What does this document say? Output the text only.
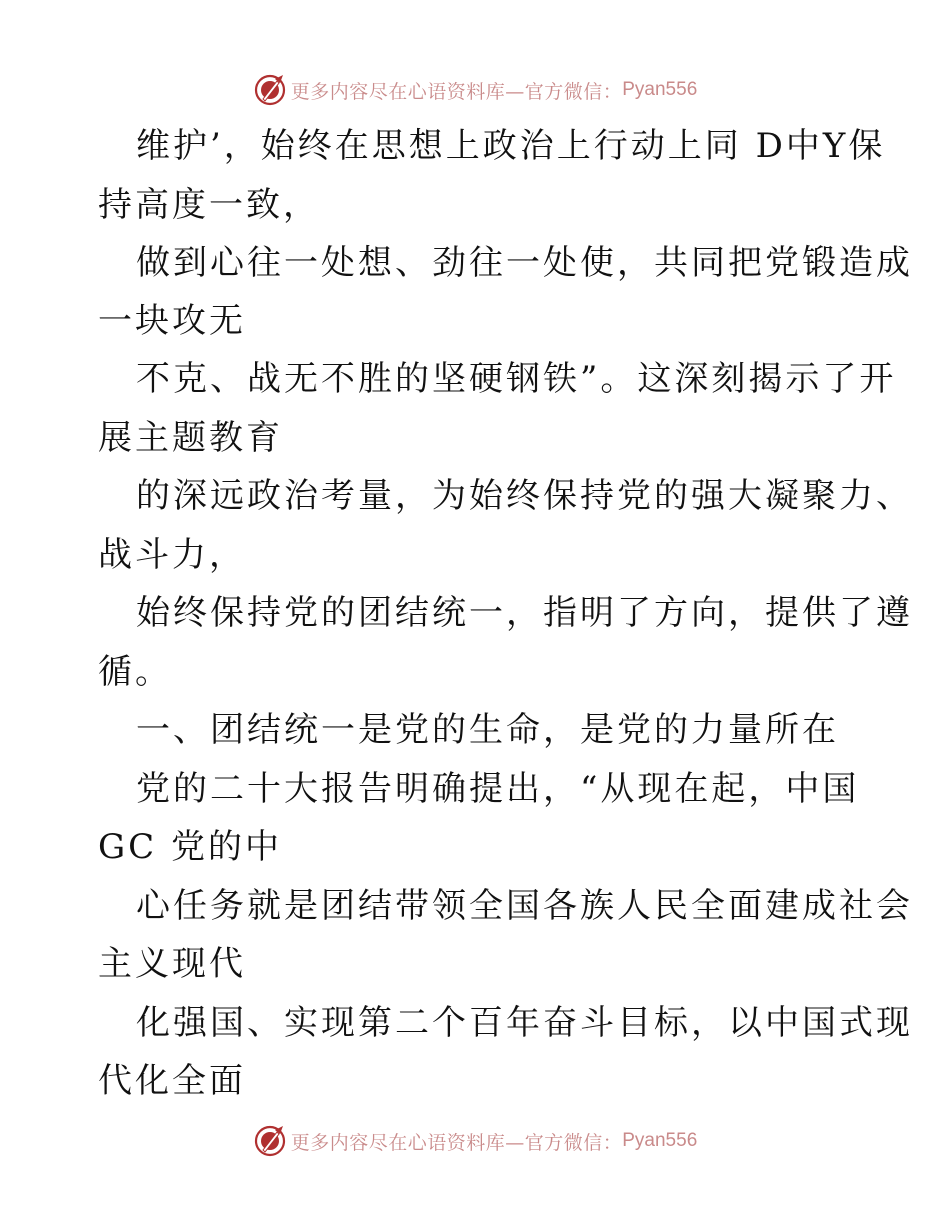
更多内容尽在心语资料库—官方微信： Pyan556
维护’，始终在思想上政治上行动上同 D中Y保
持高度一致，
做到心往一处想、劲往一处使，共同把党锻造成
一块攻无
不克、战无不胜的坚硬钢铁”。这深刻揭示了开
展主题教育
的深远政治考量，为始终保持党的强大凝聚力、
战斗力，
始终保持党的团结统一，指明了方向，提供了遵
循。
一、团结统一是党的生命，是党的力量所在
党的二十大报告明确提出，“从现在起，中国
GC 党的中
心任务就是团结带领全国各族人民全面建成社会
主义现代
化强国、实现第二个百年奋斗目标，以中国式现
代化全面
更多内容尽在心语资料库—官方微信： Pyan556
